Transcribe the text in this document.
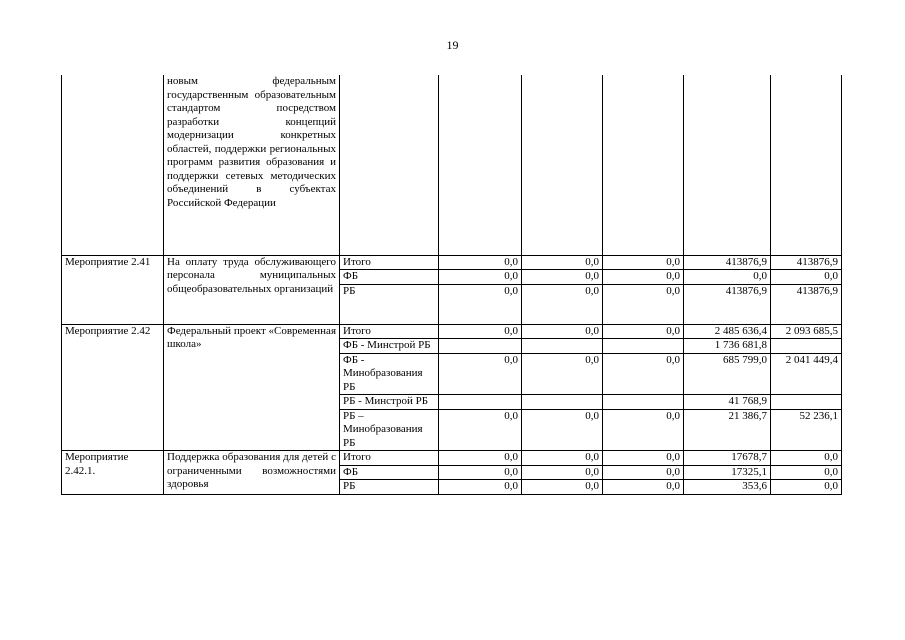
19
	новым федеральным государственным образовательным стандартом посредством разработки концепций модернизации конкретных областей, поддержки региональных программ развития образования и поддержки сетевых методических объединений в субъектах Российской Федерации						
Мероприятие 2.41	На оплату труда обслуживающего персонала муниципальных общеобразовательных организаций	Итого	0,0	0,0	0,0	413876,9	413876,9
		ФБ	0,0	0,0	0,0	0,0	0,0
		РБ	0,0	0,0	0,0	413876,9	413876,9
Мероприятие 2.42	Федеральный проект «Современная школа»	Итого	0,0	0,0	0,0	2 485 636,4	2 093 685,5
		ФБ - Минстрой РБ				1 736 681,8	
		ФБ - Минобразования РБ	0,0	0,0	0,0	685 799,0	2 041 449,4
		РБ - Минстрой РБ				41 768,9	
		РБ – Минобразования РБ	0,0	0,0	0,0	21 386,7	52 236,1
Мероприятие 2.42.1.	Поддержка образования для детей с ограниченными возможностями здоровья	Итого	0,0	0,0	0,0	17678,7	0,0
		ФБ	0,0	0,0	0,0	17325,1	0,0
		РБ	0,0	0,0	0,0	353,6	0,0
